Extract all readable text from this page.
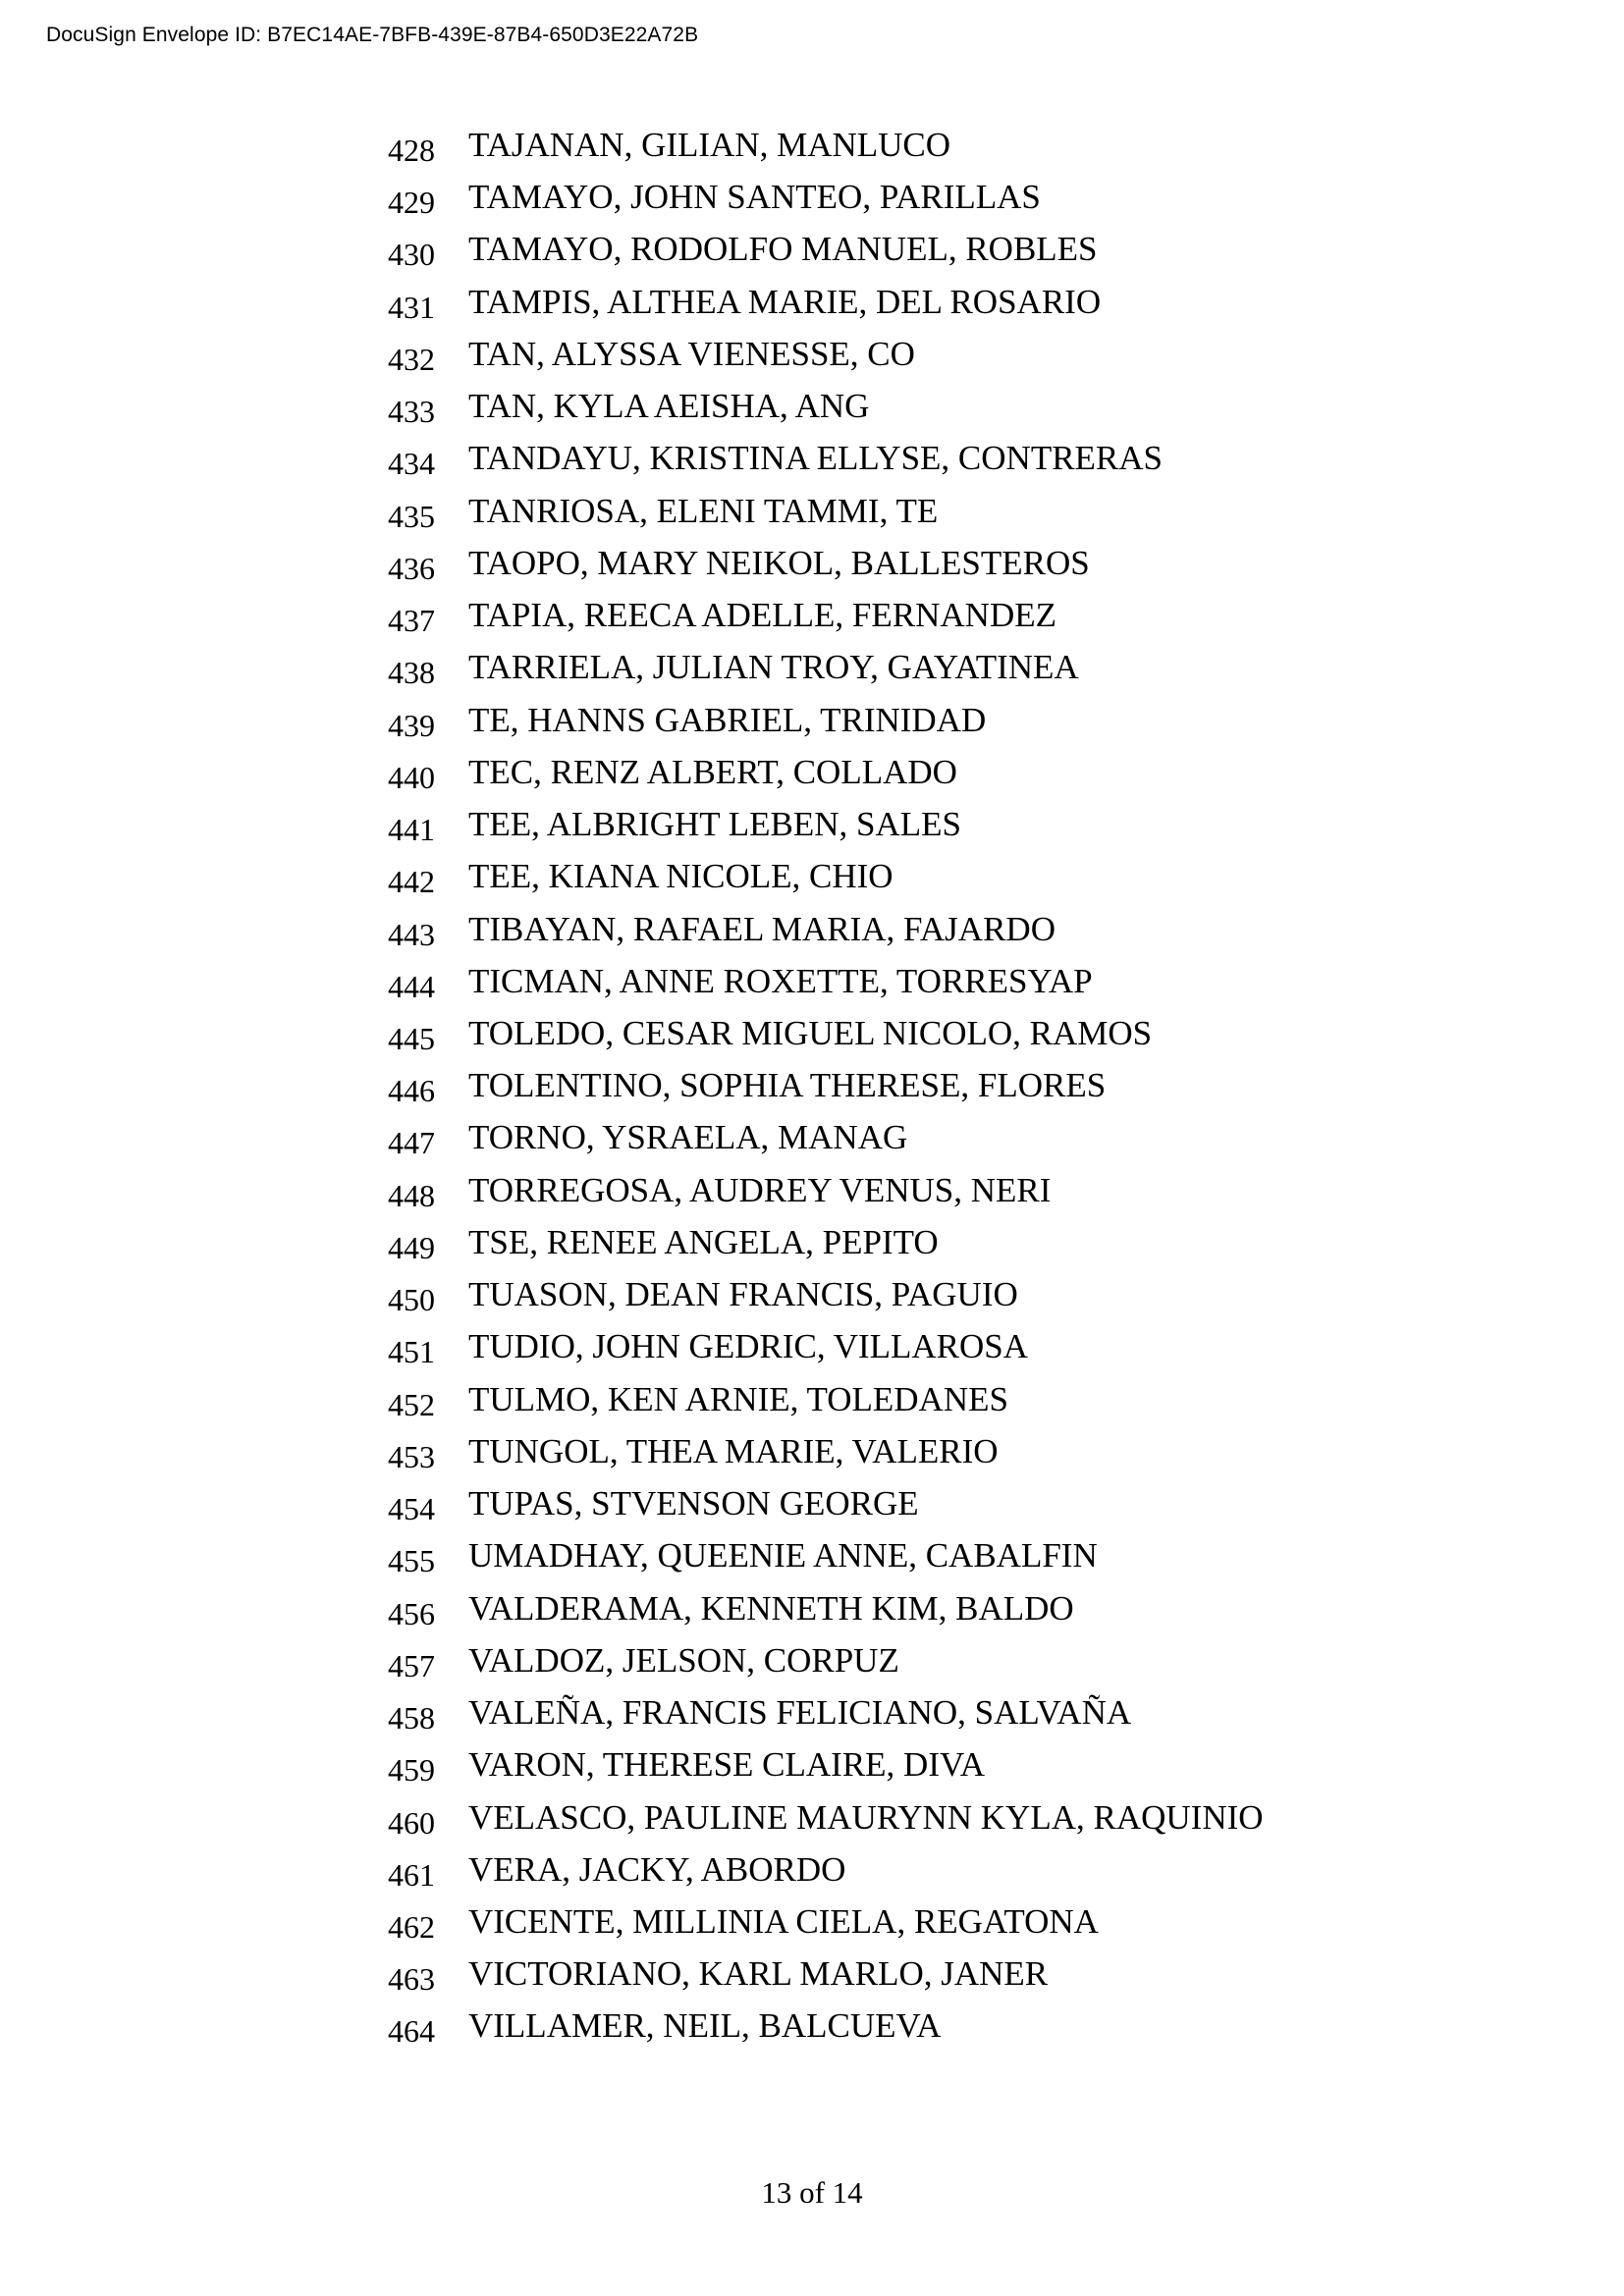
DocuSign Envelope ID: B7EC14AE-7BFB-439E-87B4-650D3E22A72B
428 TAJANAN, GILIAN, MANLUCO
429 TAMAYO, JOHN SANTEO, PARILLAS
430 TAMAYO, RODOLFO MANUEL, ROBLES
431 TAMPIS, ALTHEA MARIE, DEL ROSARIO
432 TAN, ALYSSA VIENESSE, CO
433 TAN, KYLA AEISHA, ANG
434 TANDAYU, KRISTINA ELLYSE, CONTRERAS
435 TANRIOSA, ELENI TAMMI, TE
436 TAOPO, MARY NEIKOL, BALLESTEROS
437 TAPIA, REECA ADELLE, FERNANDEZ
438 TARRIELA, JULIAN TROY, GAYATINEA
439 TE, HANNS GABRIEL, TRINIDAD
440 TEC, RENZ ALBERT, COLLADO
441 TEE, ALBRIGHT LEBEN, SALES
442 TEE, KIANA NICOLE, CHIO
443 TIBAYAN, RAFAEL MARIA, FAJARDO
444 TICMAN, ANNE ROXETTE, TORRESYAP
445 TOLEDO, CESAR MIGUEL NICOLO, RAMOS
446 TOLENTINO, SOPHIA THERESE, FLORES
447 TORNO, YSRAELA, MANAG
448 TORREGOSA, AUDREY VENUS, NERI
449 TSE, RENEE ANGELA, PEPITO
450 TUASON, DEAN FRANCIS, PAGUIO
451 TUDIO, JOHN GEDRIC, VILLAROSA
452 TULMO, KEN ARNIE, TOLEDANES
453 TUNGOL, THEA MARIE, VALERIO
454 TUPAS, STVENSON GEORGE
455 UMADHAY, QUEENIE ANNE, CABALFIN
456 VALDERAMA, KENNETH KIM, BALDO
457 VALDOZ, JELSON, CORPUZ
458 VALEÑA, FRANCIS FELICIANO, SALVAÑA
459 VARON, THERESE CLAIRE, DIVA
460 VELASCO, PAULINE MAURYNN KYLA, RAQUINIO
461 VERA, JACKY, ABORDO
462 VICENTE, MILLINIA CIELA, REGATONA
463 VICTORIANO, KARL MARLO, JANER
464 VILLAMER, NEIL, BALCUEVA
13 of 14
